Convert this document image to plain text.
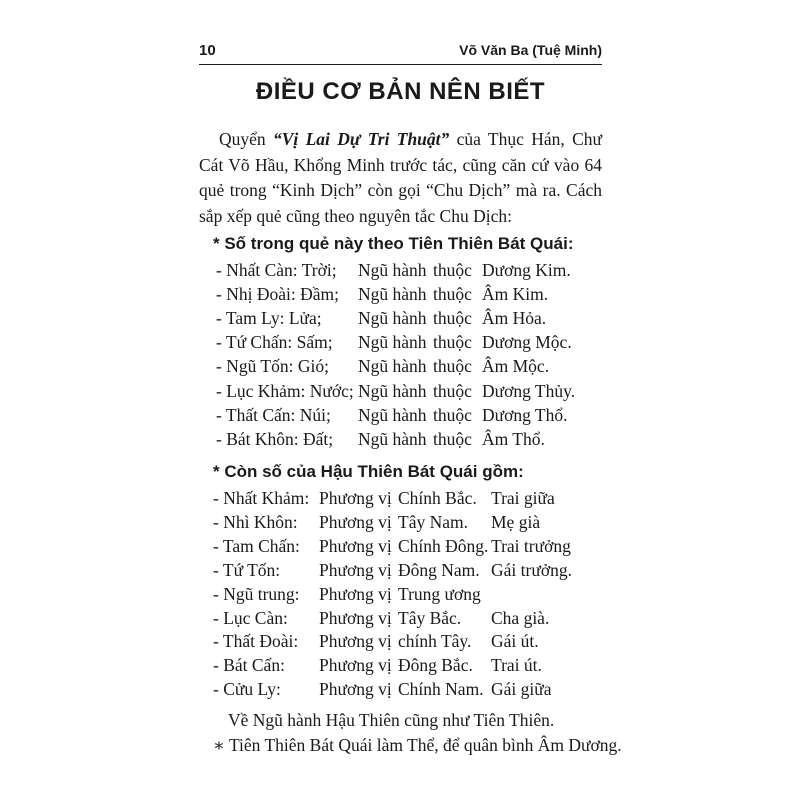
10	Võ Văn Ba (Tuệ Minh)
ĐIỀU CƠ BẢN NÊN BIẾT

Quyển “Vị Lai Dự Tri Thuật” của Thục Hán, Chư Cát Võ Hầu, Khổng Minh trước tác, cũng căn cứ vào 64 quẻ trong “Kinh Dịch” còn gọi “Chu Dịch” mà ra. Cách sắp xếp quẻ cũng theo nguyên tắc Chu Dịch:

* Số trong quẻ này theo Tiên Thiên Bát Quái:
- Nhất Càn: Trời; Ngũ hành thuộc Dương Kim.
- Nhị Đoài: Đầm; Ngũ hành thuộc Âm Kim.
- Tam Ly: Lửa; Ngũ hành thuộc Âm Hỏa.
- Tứ Chấn: Sấm; Ngũ hành thuộc Dương Mộc.
- Ngũ Tốn: Gió; Ngũ hành thuộc Âm Mộc.
- Lục Khảm: Nước; Ngũ hành thuộc Dương Thủy.
- Thất Cấn: Núi; Ngũ hành thuộc Dương Thổ.
- Bát Khôn: Đất; Ngũ hành thuộc Âm Thổ.
* Còn số của Hậu Thiên Bát Quái gồm:
- Nhất Khảm: Phương vị Chính Bắc. Trai giữa
- Nhì Khôn: Phương vị Tây Nam. Mẹ già
- Tam Chấn: Phương vị Chính Đông. Trai trưởng
- Tứ Tốn: Phương vị Đông Nam. Gái trưởng.
- Ngũ trung: Phương vị Trung ương
- Lục Càn: Phương vị Tây Bắc. Cha già.
- Thất Đoài: Phương vị chính Tây. Gái út.
- Bát Cấn: Phương vị Đông Bắc. Trai út.
- Cửu Ly: Phương vị Chính Nam. Gái giữa
Về Ngũ hành Hậu Thiên cũng như Tiên Thiên.
∗ Tiên Thiên Bát Quái làm Thể, để quân bình Âm Dương.
